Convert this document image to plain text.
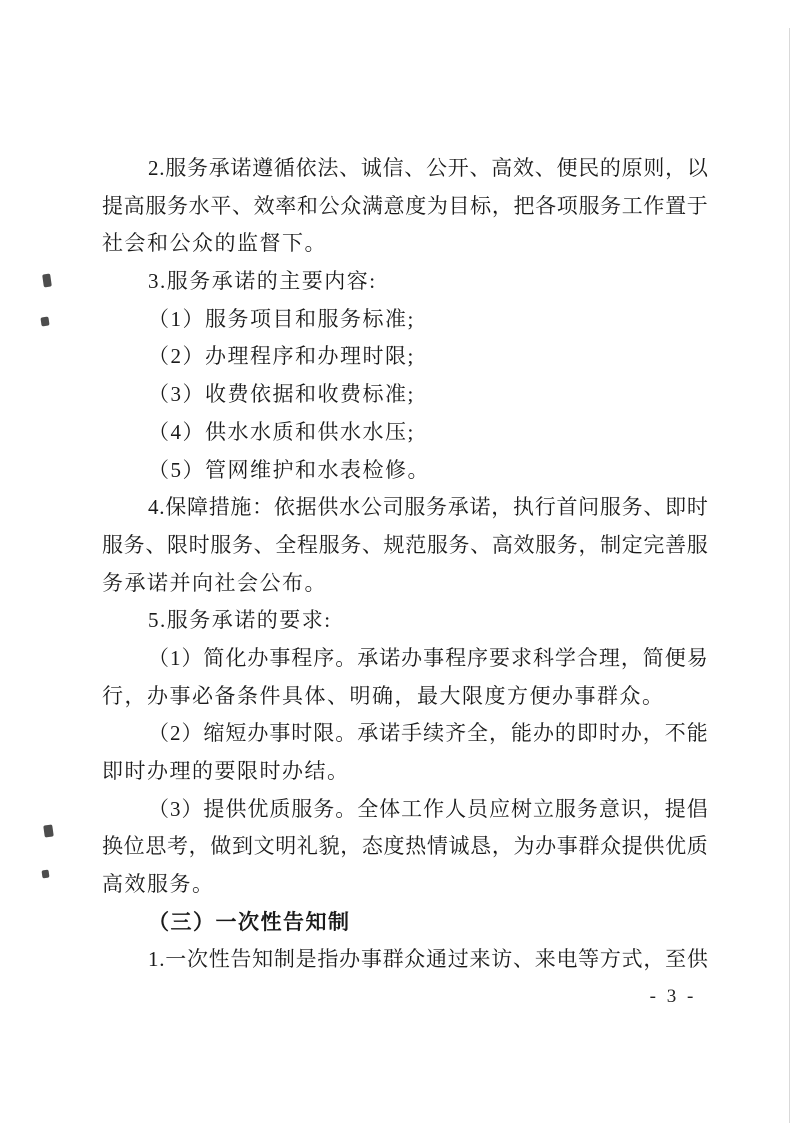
2 . 服 务 承 诺 遵 循 依 法 、 诚 信 、 公 开 、 高 效 、 便 民 的 原 则 ， 以
提 高 服 务 水 平 、 效 率 和 公 众 满 意 度 为 目 标 ， 把 各 项 服 务 工 作 置 于
社会和公众的监督下。
3.服务承诺的主要内容:
（1）服务项目和服务标准;
（2）办理程序和办理时限;
（3）收费依据和收费标准;
（4）供水水质和供水水压;
（5）管网维护和水表检修。
4 . 保 障 措 施 ： 依 据 供 水 公 司 服 务 承 诺 ， 执 行 首 问 服 务 、 即 时
服 务 、 限 时 服 务 、 全 程 服 务 、 规 范 服 务 、 高 效 服 务 ， 制 定 完 善 服
务承诺并向社会公布。
5.服务承诺的要求:
（ 1 ） 简 化 办 事 程 序 。 承 诺 办 事 程 序 要 求 科 学 合 理 ， 简 便 易
行，办事必备条件具体、明确，最大限度方便办事群众。
（ 2 ） 缩 短 办 事 时 限 。 承 诺 手 续 齐 全 ， 能 办 的 即 时 办 ， 不 能
即时办理的要限时办结。
（ 3 ） 提 供 优 质 服 务 。 全 体 工 作 人 员 应 树 立 服 务 意 识 ， 提 倡
换 位 思 考 ， 做 到 文 明 礼 貌 ， 态 度 热 情 诚 恳 ， 为 办 事 群 众 提 供 优 质
高效服务。
（三）一次性告知制
1 . 一 次 性 告 知 制 是 指 办 事 群 众 通 过 来 访 、 来 电 等 方 式 ， 至 供
- 3 -
